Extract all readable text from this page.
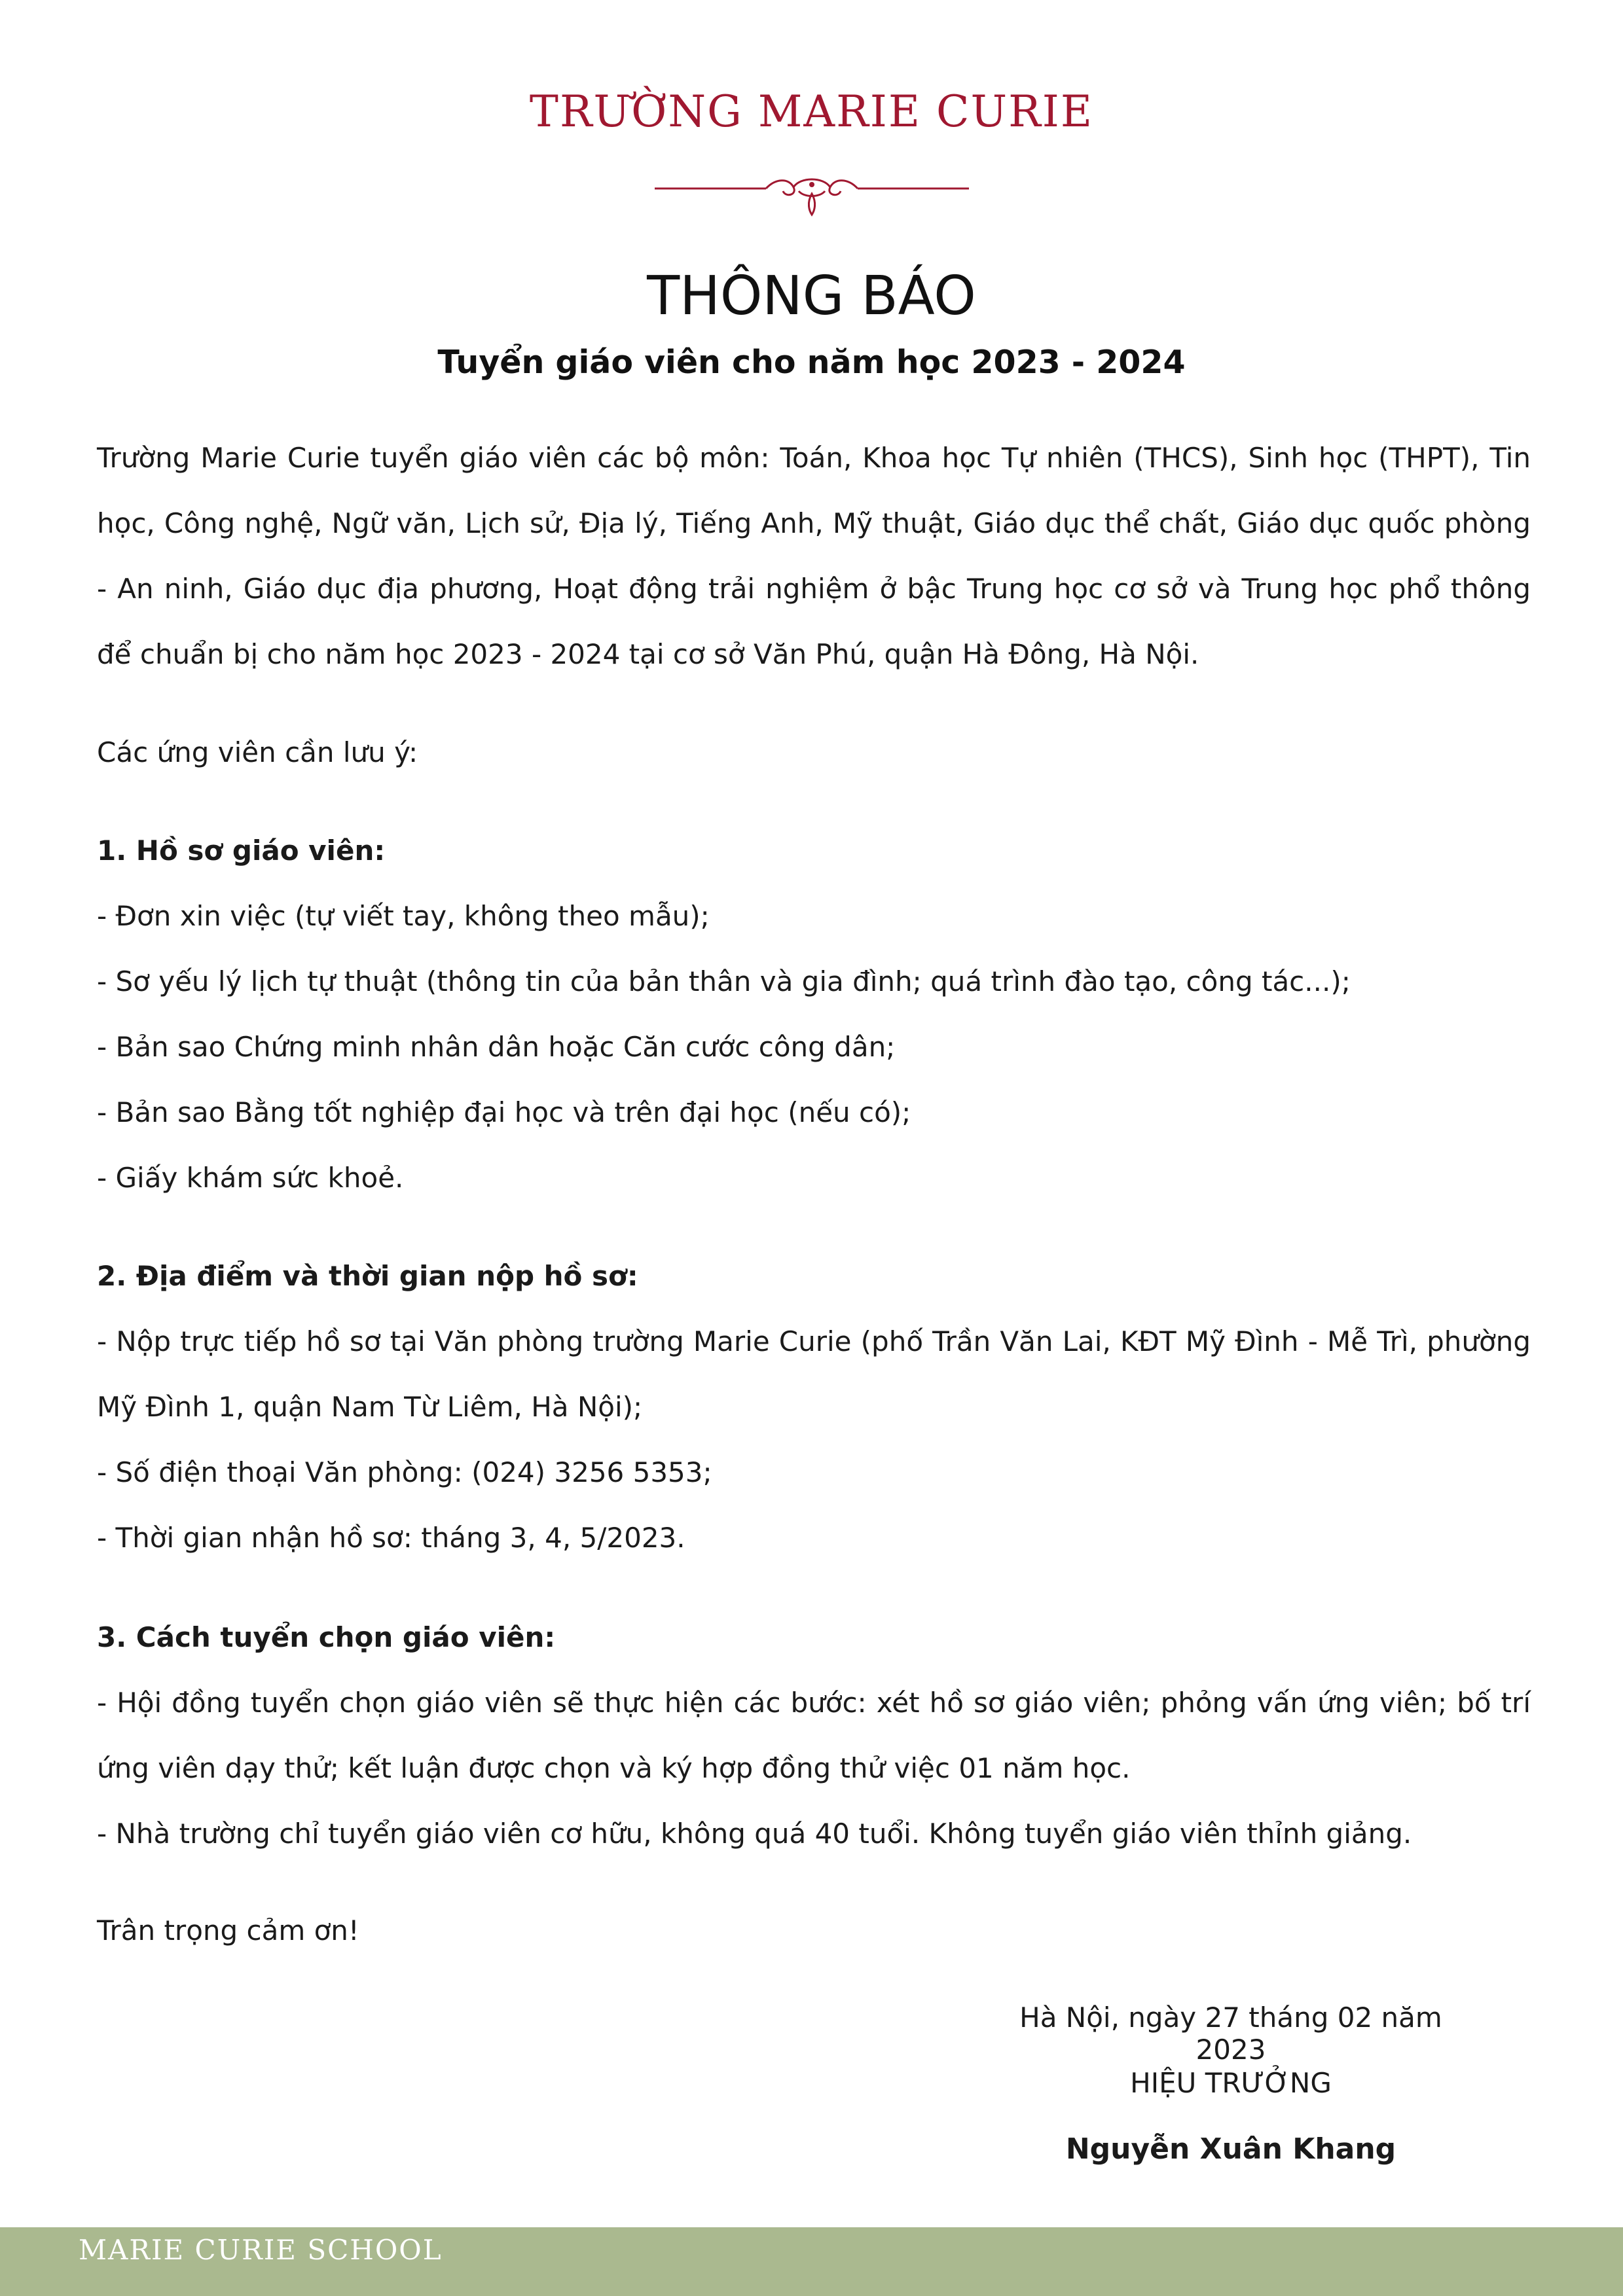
TRƯỜNG MARIE CURIE
THÔNG BÁO
Tuyển giáo viên cho năm học 2023 - 2024

Trường Marie Curie tuyển giáo viên các bộ môn: Toán, Khoa học Tự nhiên (THCS), Sinh học (THPT), Tin học, Công nghệ, Ngữ văn, Lịch sử, Địa lý, Tiếng Anh, Mỹ thuật, Giáo dục thể chất, Giáo dục quốc phòng - An ninh, Giáo dục địa phương, Hoạt động trải nghiệm ở bậc Trung học cơ sở và Trung học phổ thông để chuẩn bị cho năm học 2023 - 2024 tại cơ sở Văn Phú, quận Hà Đông, Hà Nội.

Các ứng viên cần lưu ý:

1. Hồ sơ giáo viên:

- Đơn xin việc (tự viết tay, không theo mẫu);

- Sơ yếu lý lịch tự thuật (thông tin của bản thân và gia đình; quá trình đào tạo, công tác...);

- Bản sao Chứng minh nhân dân hoặc Căn cước công dân;

- Bản sao Bằng tốt nghiệp đại học và trên đại học (nếu có);

- Giấy khám sức khoẻ.

2. Địa điểm và thời gian nộp hồ sơ:

- Nộp trực tiếp hồ sơ tại Văn phòng trường Marie Curie (phố Trần Văn Lai, KĐT Mỹ Đình - Mễ Trì, phường Mỹ Đình 1, quận Nam Từ Liêm, Hà Nội);

- Số điện thoại Văn phòng: (024) 3256 5353;

- Thời gian nhận hồ sơ: tháng 3, 4, 5/2023.

3. Cách tuyển chọn giáo viên:

- Hội đồng tuyển chọn giáo viên sẽ thực hiện các bước: xét hồ sơ giáo viên; phỏng vấn ứng viên; bố trí ứng viên dạy thử; kết luận được chọn và ký hợp đồng thử việc 01 năm học.

- Nhà trường chỉ tuyển giáo viên cơ hữu, không quá 40 tuổi. Không tuyển giáo viên thỉnh giảng.

Trân trọng cảm ơn!

Hà Nội, ngày 27 tháng 02 năm 2023
HIỆU TRƯỞNG
Nguyễn Xuân Khang
MARIE CURIE SCHOOL
